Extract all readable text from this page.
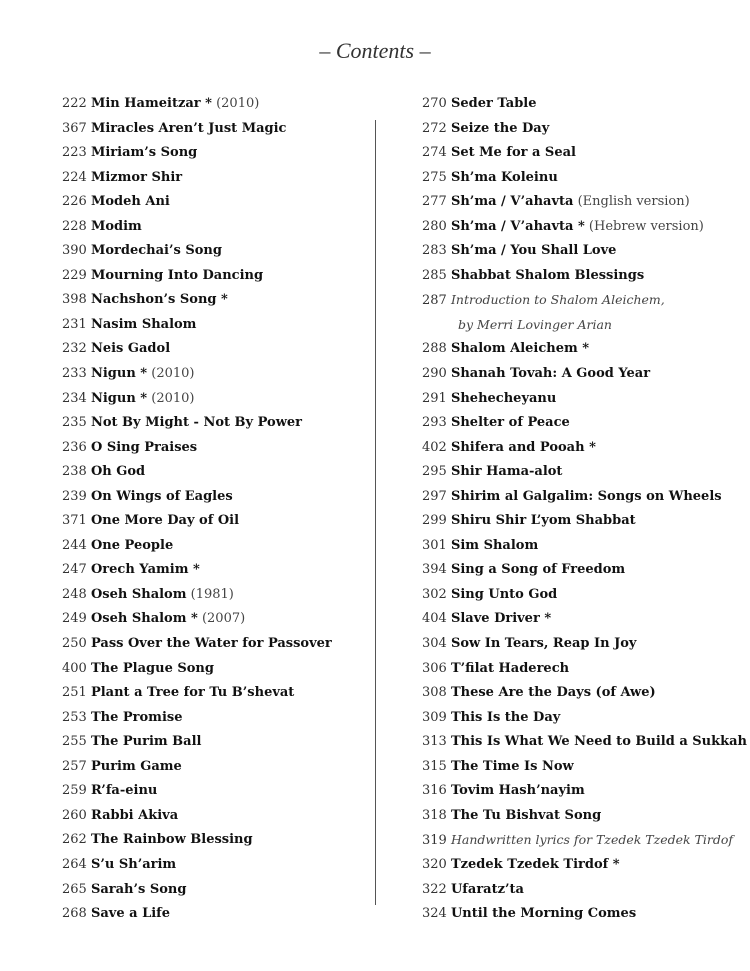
– Contents –
222 Min Hameitzar * (2010)
367 Miracles Aren’t Just Magic
223 Miriam’s Song
224 Mizmor Shir
226 Modeh Ani
228 Modim
390 Mordechai’s Song
229 Mourning Into Dancing
398 Nachshon’s Song *
231 Nasim Shalom
232 Neis Gadol
233 Nigun * (2010)
234 Nigun * (2010)
235 Not By Might - Not By Power
236 O Sing Praises
238 Oh God
239 On Wings of Eagles
371 One More Day of Oil
244 One People
247 Orech Yamim *
248 Oseh Shalom (1981)
249 Oseh Shalom * (2007)
250 Pass Over the Water for Passover
400 The Plague Song
251 Plant a Tree for Tu B’shevat
253 The Promise
255 The Purim Ball
257 Purim Game
259 R’fa-einu
260 Rabbi Akiva
262 The Rainbow Blessing
264 S’u Sh’arim
265 Sarah’s Song
268 Save a Life
270 Seder Table
272 Seize the Day
274 Set Me for a Seal
275 Sh’ma Koleinu
277 Sh’ma / V’ahavta (English version)
280 Sh’ma / V’ahavta * (Hebrew version)
283 Sh’ma / You Shall Love
285 Shabbat Shalom Blessings
287 Introduction to Shalom Aleichem,
by Merri Lovinger Arian
288 Shalom Aleichem *
290 Shanah Tovah: A Good Year
291 Shehecheyanu
293 Shelter of Peace
402 Shifera and Pooah *
295 Shir Hama-alot
297 Shirim al Galgalim: Songs on Wheels
299 Shiru Shir L’yom Shabbat
301 Sim Shalom
394 Sing a Song of Freedom
302 Sing Unto God
404 Slave Driver *
304 Sow In Tears, Reap In Joy
306 T’filat Haderech
308 These Are the Days (of Awe)
309 This Is the Day
313 This Is What We Need to Build a Sukkah
315 The Time Is Now
316 Tovim Hash’nayim
318 The Tu Bishvat Song
319 Handwritten lyrics for Tzedek Tzedek Tirdof
320 Tzedek Tzedek Tirdof *
322 Ufaratz’ta
324 Until the Morning Comes
